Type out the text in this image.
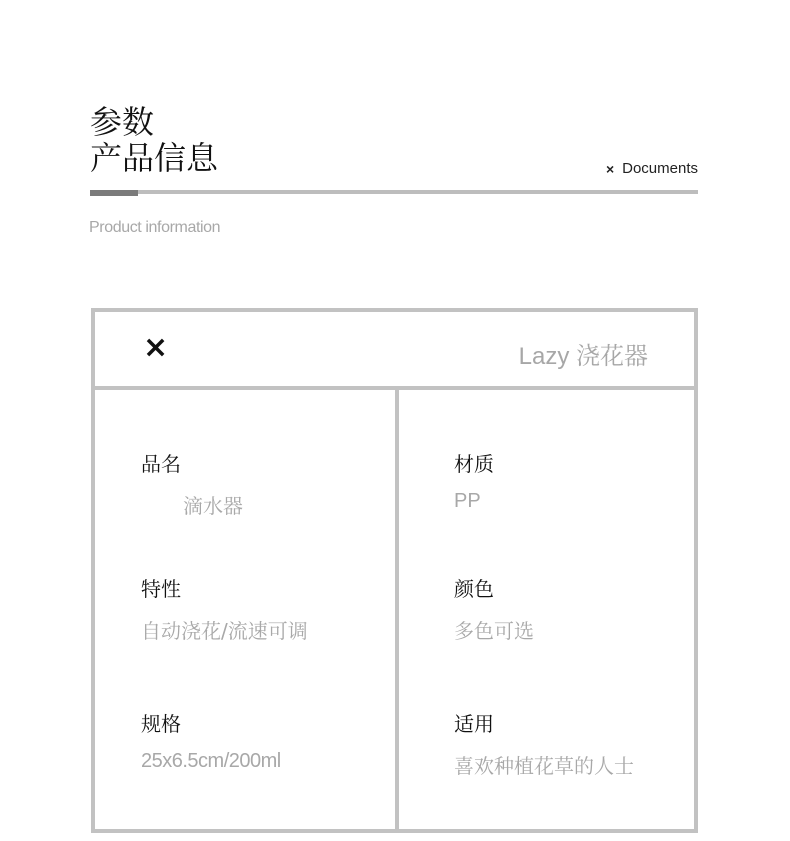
参数
产品信息	× Documents
Product information
×	Lazy 浇花器
品名
滴水器
材质
PP
特性
自动浇花/流速可调
颜色
多色可选
规格
25x6.5cm/200ml
适用
喜欢种植花草的人士
